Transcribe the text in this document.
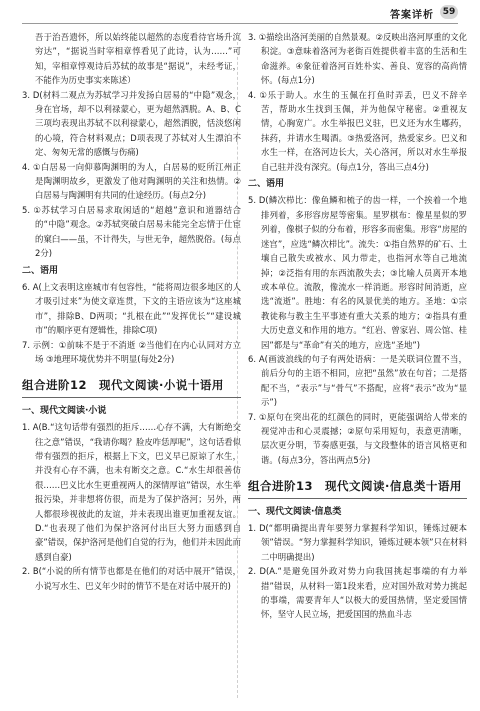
答案详析 59

吾于治吾遗怀，所以始终能以超然的态度看待官场升沉穷达”，“据说当时宰相章惇看见了此诗，认为……”可知，宰相章惇观诗后苏轼的故事是“据说”，未经考证，不能作为历史事实来陈述）

3. D(材料二观点为苏轼学习并发扬白居易的“中隐”观念，身在官场，却不以利禄蒙心，更为超然洒脱。A、B、C三项均表现出苏轼不以利禄蒙心，超然洒脱，恬淡悠闲的心境，符合材料观点；D项表现了苏轼对人生漂泊不定、匆匆无常的感慨与伤痛)

4. ①白居易一向仰慕陶渊明的为人，白居易的贬所江州正是陶渊明故乡，更激发了他对陶渊明的关注和热情。②白居易与陶渊明有共同的仕途经历。(每点2分)

5. ①苏轼学习白居易求取闲适的“超越”意识和道器结合的“中隐”观念。②苏轼突破白居易未能完全忘情于仕宦的窠臼——虽，不计得失，与世无争，超然脱俗。(每点2分)

二、语用

6. A(上文表明这座城市有包容性，“能将周边很多地区的人才吸引过来”为使文章连贯，下文的主语应该为“这座城市”，排除B、D两项；“扎根在此”“发挥优长”“建设城市”的顺序更有逻辑性，排除C项)

7. 示例：①前味不是于不消逝 ②当他们在内心认同对方立场 ③地理环境优势并不明显(每处2分)

组合进阶12　现代文阅读·小说十语用
一、现代文阅读·小说

1. A(B.“这句话带有强烈的拒斥……心存不满，大有断绝交往之意”错误，“我请你喝？脸皮咋恁厚呢”，这句话看似带有强烈的拒斥，根据上下文，巴义早已原谅了水生，并没有心存不满，也未有断交之意。C.“水生却很善仿很……巴义比水生更重视两人的深情厚谊”错误，水生举报污染，并非想将仿很，而是为了保护洛河；另外，两人都很珍视彼此的友谊，并未表现出谁更加重视友谊。D.“也表现了他们为保护洛河付出巨大努力面感到自豪”错误，保护洛河是他们自觉的行为，他们并未因此而感到自豪)

2. B(“小说的所有情节也都是在他们的对话中展开”错误，小说写水生、巴义年少时的情节不是在对话中展开的)

3. ①描绘出洛河美丽的自然景观。②反映出洛河厚重的文化积淀。③意味着洛河为老街百姓提供着丰富的生活和生命滋养。④象征着洛河百姓朴实、善良、宽容的高尚情怀。(每点1分)

4. ①乐于助人。水生的玉佩在打鱼时弄丢，巴义不辞辛苦，帮助水生找到玉佩，并为他保守秘密。②重视友情，心胸宽广。水生举报巴义驻，巴义还为水生嘟药，抹药，并请水生喝酒。③热爱洛河，热爱家乡。巴义和水生一样，在洛河边长大，关心洛河，所以对水生举报自己驻并没有深究。(每点1分，答出三点4分)

二、语用

5. D(鳞次栉比：像鱼鳞和梳子的齿一样，一个挨着一个地排列着，多形容房屋等密集。星罗棋布：像星星似的罗列着，像棋子似的分布着，形容多而密集。形容“房屋的迷宫”，应选“鳞次栉比”。流失：①指自然界的矿石、土壤自己散失或被水、风力带走，也指河水等自己地流掉；②泛指有用的东西流散失去；③比喻人员离开本地或本单位。流散，像流水一样消逝。形容时间消逝，应选“流逝”。胜地：有名的风景优美的地方。圣地：①宗教徒称与教主生平事迹有重大关系的地方；②指具有重大历史意义和作用的地方。“红岩、曾家岩、周公馆、桂园”都是与“革命”有关的地方，应选“圣地”)

6. A(画波浪线的句子有两处语病：一是关联词位置不当，前后分句的主语不相同，应把“虽然”放在句首；二是搭配不当，“表示”与“骨气”不搭配，应将“表示”改为“显示”)

7. ①原句在突出花的红颜色的同时，更能强调给人带来的视觉冲击和心灵震撼；②原句采用短句，表意更清晰，层次更分明，节奏感更强，与文段整体的语言风格更和谐。(每点3分，答出两点5分)

组合进阶13　现代文阅读·信息类十语用
一、现代文阅读·信息类

1. D(“都明确提出青年要努力掌握科学知识，锤炼过硬本领”错误。“努力掌握科学知识，锤炼过硬本领”只在材料二中明确提出)

2. D(A.“是避免国外政对势力向我国挑起事端的有力举措”错误，从材料一第1段来看，应对国外敌对势力挑起的事端，需要青年人“以极大的爱国热情，坚定爱国情怀，坚守人民立场，把爱国国的热血斗志
